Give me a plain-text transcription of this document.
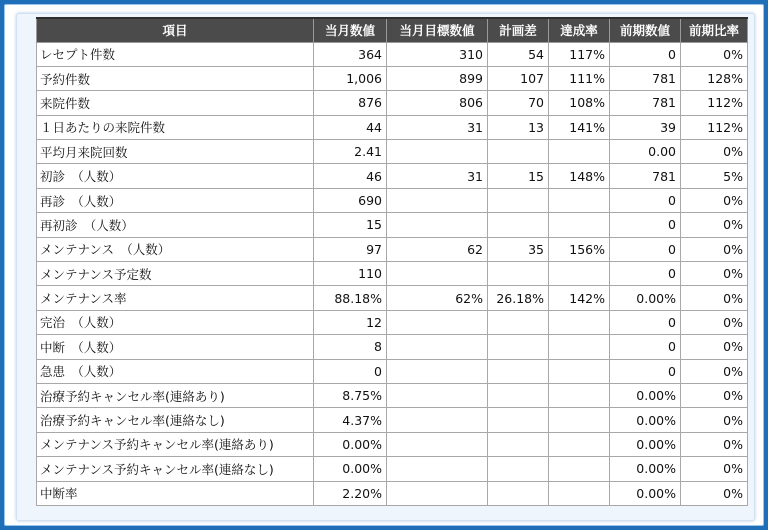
項目	当月数値	当月目標数値	計画差	達成率	前期数値	前期比率
レセプト件数	364	310	54	117%	0	0%
予約件数	1,006	899	107	111%	781	128%
来院件数	876	806	70	108%	781	112%
１日あたりの来院件数	44	31	13	141%	39	112%
平均月来院回数	2.41				0.00	0%
初診　（人数）	46	31	15	148%	781	5%
再診　（人数）	690				0	0%
再初診　（人数）	15				0	0%
メンテナンス　（人数）	97	62	35	156%	0	0%
メンテナンス予定数	110				0	0%
メンテナンス率	88.18%	62%	26.18%	142%	0.00%	0%
完治　（人数）	12				0	0%
中断　（人数）	8				0	0%
急患　（人数）	0				0	0%
治療予約キャンセル率(連絡あり)	8.75%				0.00%	0%
治療予約キャンセル率(連絡なし)	4.37%				0.00%	0%
メンテナンス予約キャンセル率(連絡あり)	0.00%				0.00%	0%
メンテナンス予約キャンセル率(連絡なし)	0.00%				0.00%	0%
中断率	2.20%				0.00%	0%
